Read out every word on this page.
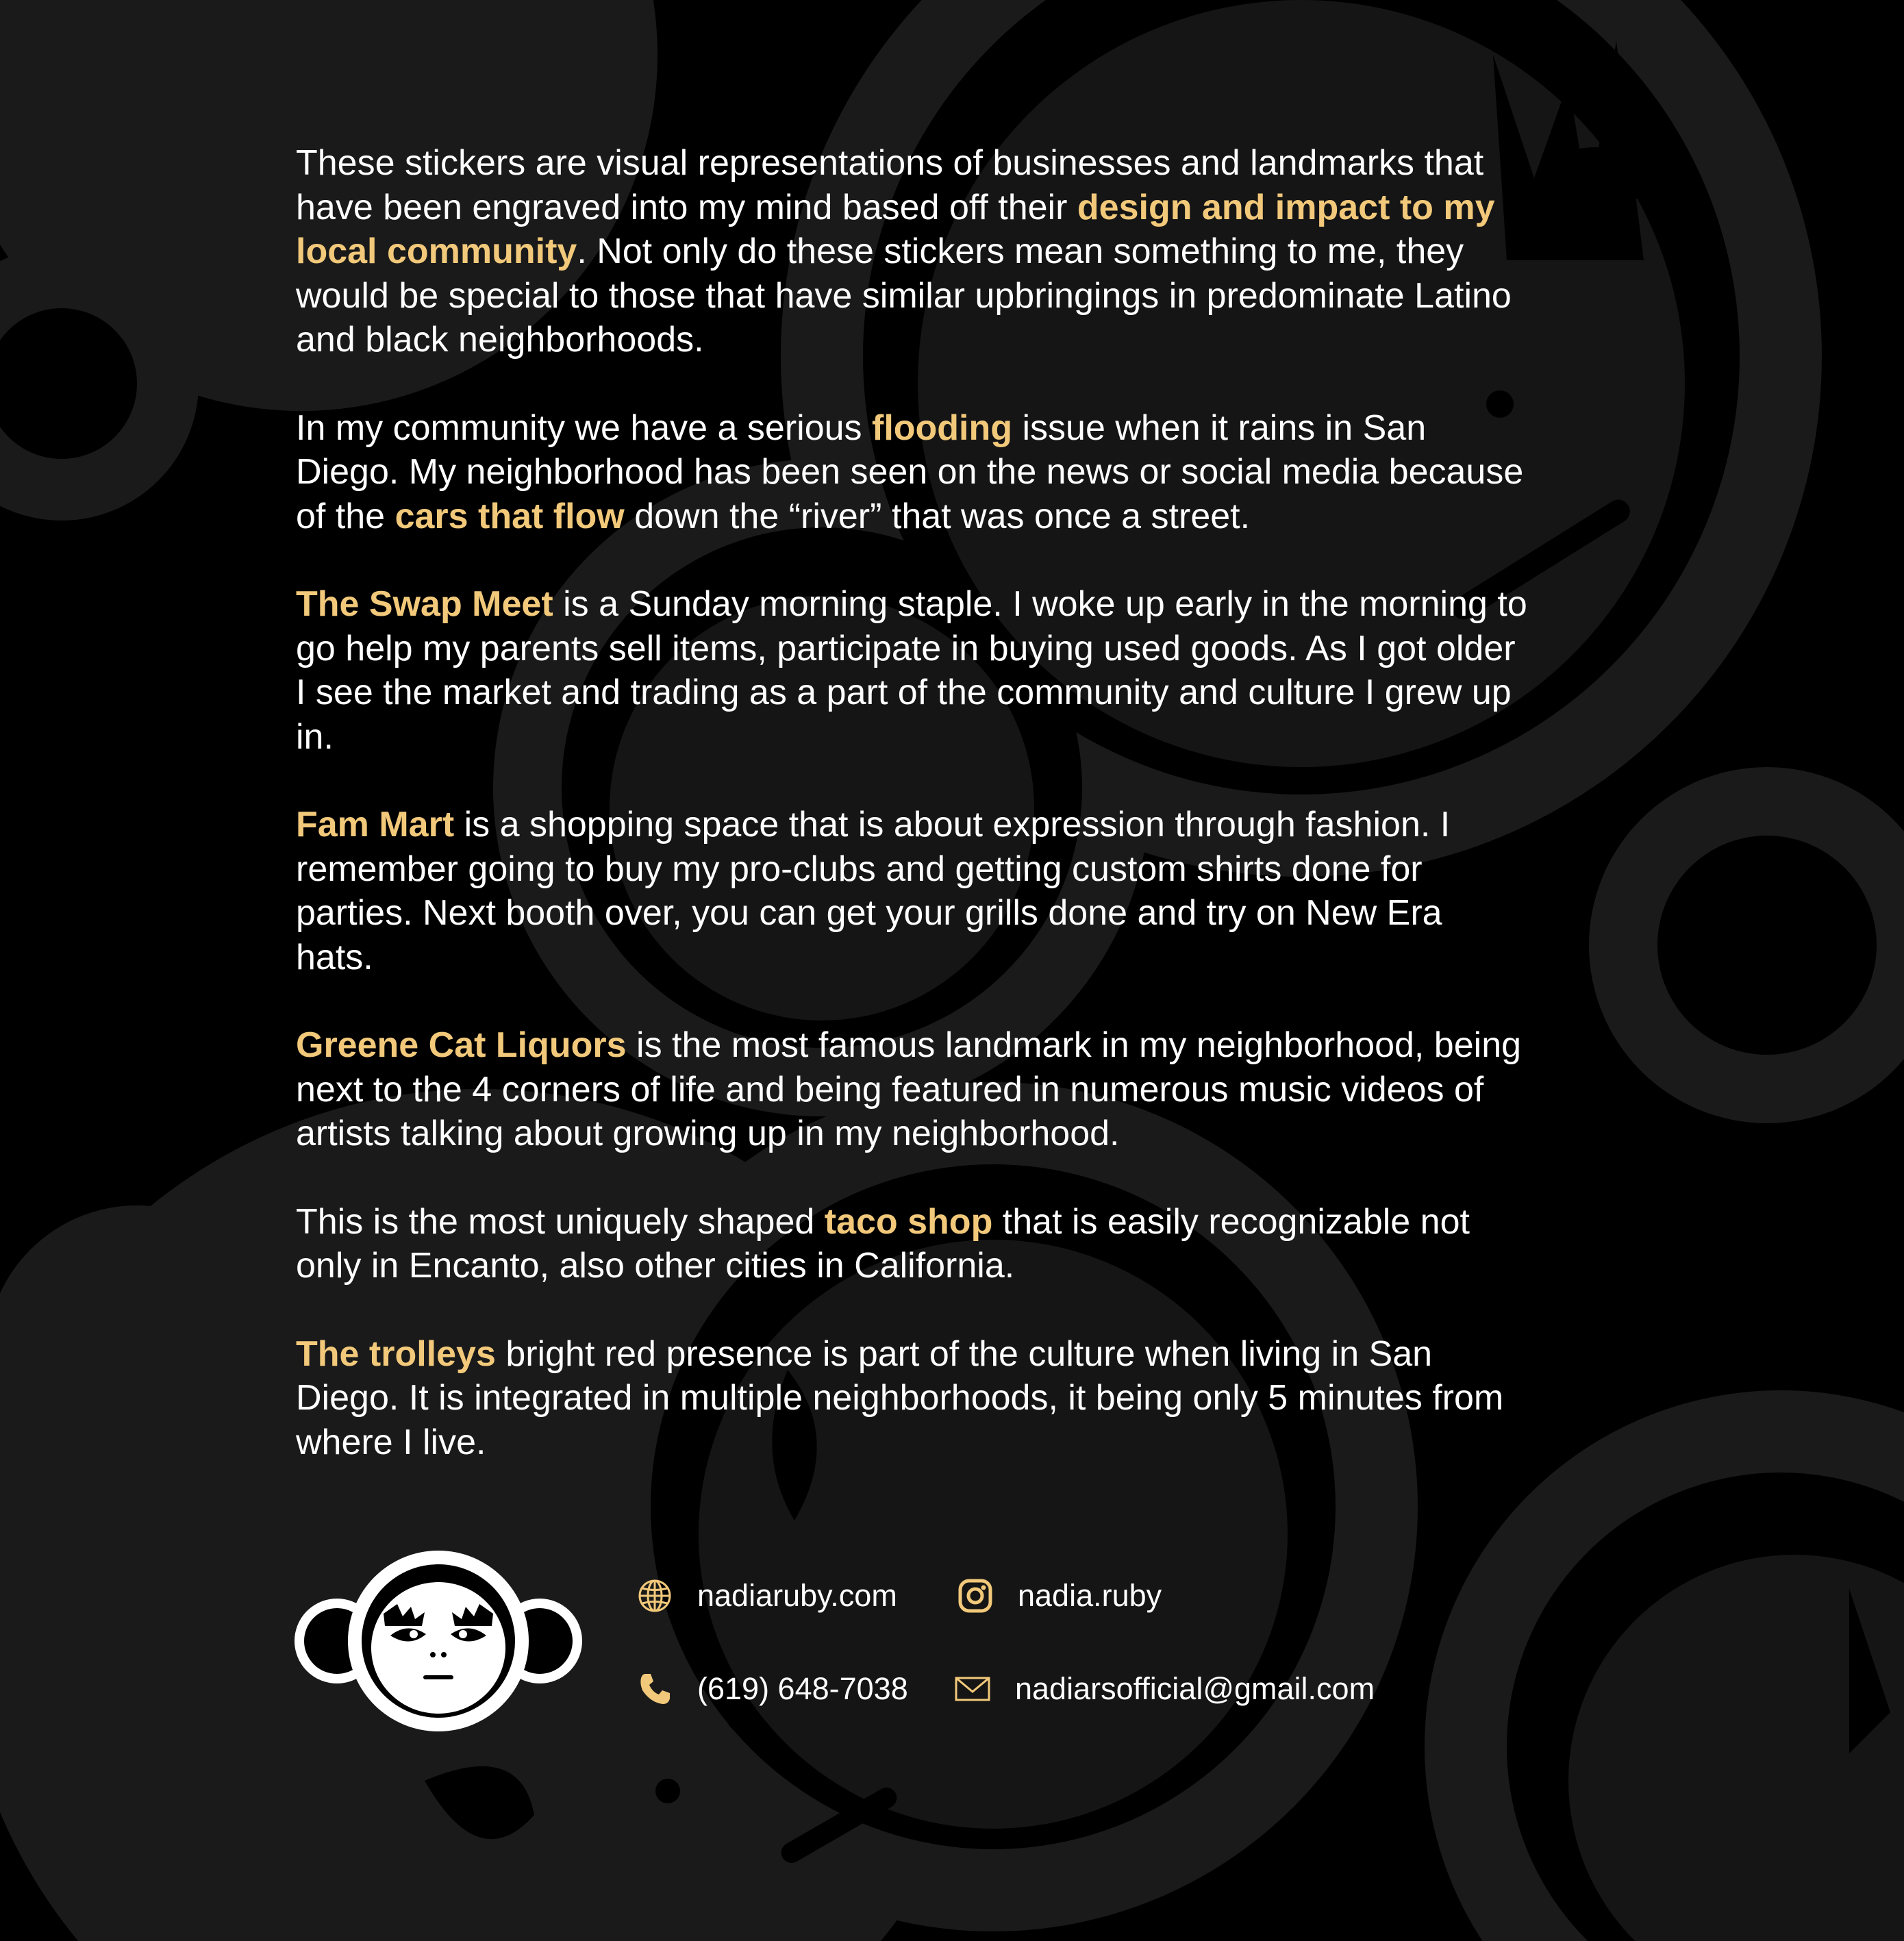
These stickers are visual representations of businesses and landmarks that have been engraved into my mind based off their design and impact to my local community. Not only do these stickers mean something to me, they would be special to those that have similar upbringings in predominate Latino and black neighborhoods.

In my community we have a serious flooding issue when it rains in San Diego. My neighborhood has been seen on the news or social media because of the cars that flow down the “river” that was once a street.

The Swap Meet is a Sunday morning staple. I woke up early in the morning to go help my parents sell items, participate in buying used goods. As I got older I see the market and trading as a part of the community and culture I grew up in.

Fam Mart is a shopping space that is about expression through fashion. I remember going to buy my pro-clubs and getting custom shirts done for parties. Next booth over, you can get your grills done and try on New Era hats.

Greene Cat Liquors is the most famous landmark in my neighborhood, being next to the 4 corners of life and being featured in numerous music videos of artists talking about growing up in my neighborhood.

This is the most uniquely shaped taco shop that is easily recognizable not only in Encanto, also other cities in California.

The trolleys bright red presence is part of the culture when living in San Diego. It is integrated in multiple neighborhoods, it being only 5 minutes from where I live.

nadiaruby.com	nadia.ruby
(619) 648-7038	nadiarsofficial@gmail.com
